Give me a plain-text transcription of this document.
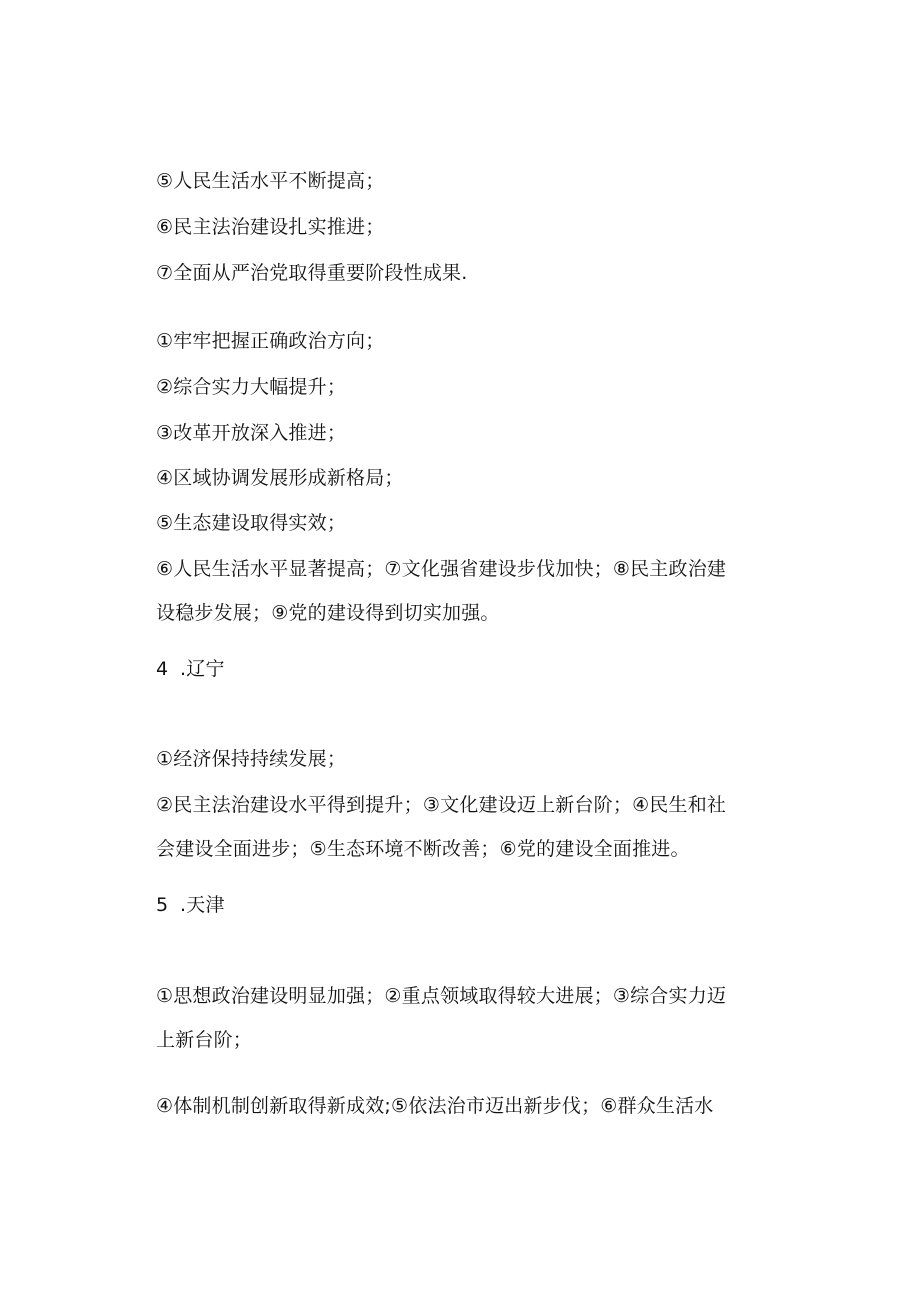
⑤人民生活水平不断提高；
⑥民主法治建设扎实推进；
⑦全面从严治党取得重要阶段性成果.
①牢牢把握正确政治方向；
②综合实力大幅提升；
③改革开放深入推进；
④区域协调发展形成新格局；
⑤生态建设取得实效；
⑥人民生活水平显著提高；⑦文化强省建设步伐加快；⑧民主政治建
设稳步发展；⑨党的建设得到切实加强。
4 .辽宁
①经济保持持续发展；
②民主法治建设水平得到提升；③文化建设迈上新台阶；④民生和社
会建设全面进步；⑤生态环境不断改善；⑥党的建设全面推进。
5 .天津
①思想政治建设明显加强；②重点领域取得较大进展；③综合实力迈
上新台阶；
④体制机制创新取得新成效;⑤依法治市迈出新步伐；⑥群众生活水
